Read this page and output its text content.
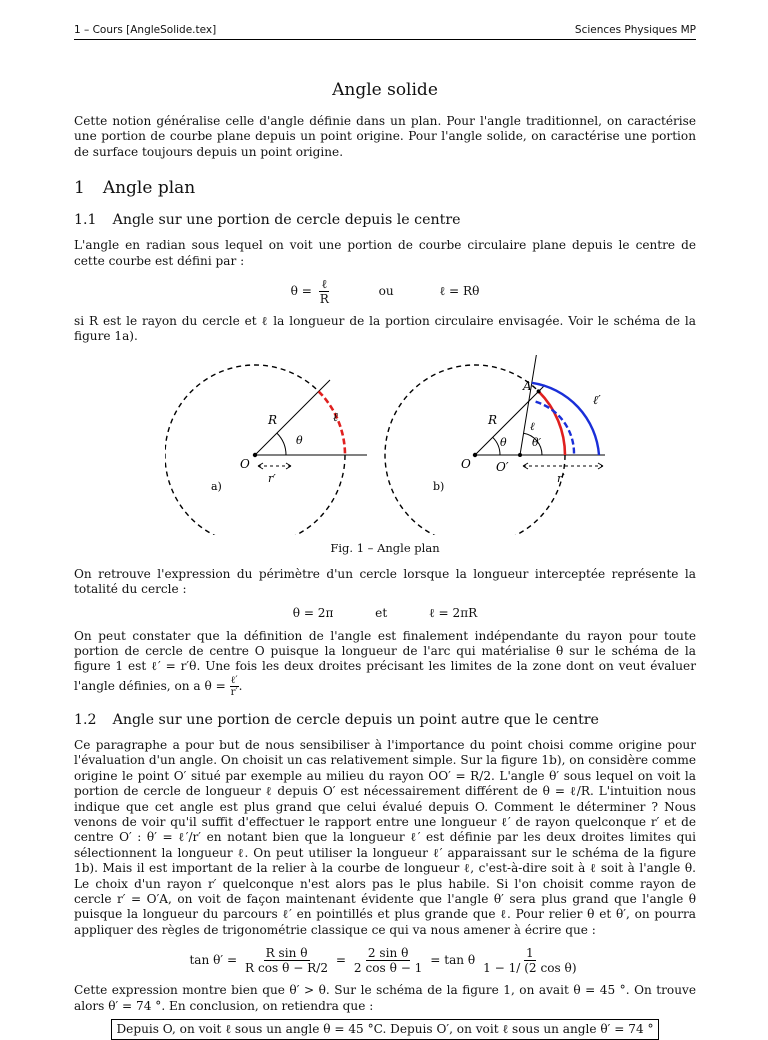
1 – Cours [AngleSolide.tex]	Sciences Physiques MP
Angle solide

Cette notion généralise celle d'angle définie dans un plan. Pour l'angle traditionnel, on caractérise une portion de courbe plane depuis un point origine. Pour l'angle solide, on caractérise une portion de surface toujours depuis un point origine.

1 Angle plan
1.1 Angle sur une portion de cercle depuis le centre

L'angle en radian sous lequel on voit une portion de courbe circulaire plane depuis le centre de cette courbe est défini par :

$\theta = \frac{\text{ℓ}}{R}$	ou	ℓ = Rθ

si R est le rayon du cercle et ℓ la longueur de la portion circulaire envisagée. Voir le schéma de la figure 1a).

R	ℓ
θ
O
r′
a)
A
R	ℓ
ℓ′
θ θ′
O O′
r′
b)
Fig. 1 – Angle plan

On retrouve l'expression du périmètre d'un cercle lorsque la longueur interceptée représente la totalité du cercle :

θ = 2π	et	ℓ = 2πR

On peut constater que la définition de l'angle est finalement indépendante du rayon pour toute portion de cercle de centre O puisque la longueur de l'arc qui matérialise θ sur le schéma de la figure 1 est ℓ′ = r′θ. Une fois les deux droites précisant les limites de la zone dont on veut évaluer l'angle définies, on a $\theta = \frac{\text{ℓ′}}{r'}$ .

1.2 Angle sur une portion de cercle depuis un point autre que le centre

Ce paragraphe a pour but de nous sensibiliser à l'importance du point choisi comme origine pour l'évaluation d'un angle. On choisit un cas relativement simple. Sur la figure 1b), on considère comme origine le point O′ situé par exemple au milieu du rayon OO′ = R/2. L'angle θ′ sous lequel on voit la portion de cercle de longueur ℓ depuis O′ est nécessairement différent de θ = ℓ/R. L'intuition nous indique que cet angle est plus grand que celui évalué depuis O. Comment le déterminer ? Nous venons de voir qu'il suffit d'effectuer le rapport entre une longueur ℓ′ de rayon quelconque r′ et de centre O′ : θ′ = ℓ′/r′ en notant bien que la longueur ℓ′ est définie par les deux droites limites qui sélectionnent la longueur ℓ. On peut utiliser la longueur ℓ′ apparaissant sur le schéma de la figure 1b). Mais il est important de la relier à la courbe de longueur ℓ, c'est-à-dire soit à ℓ soit à l'angle θ. Le choix d'un rayon r′ quelconque n'est alors pas le plus habile. Si l'on choisit comme rayon de cercle r′ = O′A, on voit de façon maintenant évidente que l'angle θ′ sera plus grand que l'angle θ puisque la longueur du parcours ℓ′ en pointillés et plus grande que ℓ. Pour relier θ et θ′, on pourra appliquer des règles de trigonométrie classique ce qui va nous amener à écrire que :

$\tan \theta' = \frac{\text{R sin θ}}{\text{R cos θ − R/2}} = \frac{\text{2 sin θ}}{\text{2 cos θ − 1}} = \tan \theta \frac{1}{\text{1 − 1/ (2 cos θ)}}$

Cette expression montre bien que θ′ > θ. Sur le schéma de la figure 1, on avait θ = 45 °. On trouve alors θ′ = 74 °. En conclusion, on retiendra que :

Depuis O, on voit ℓ sous un angle θ = 45 °C. Depuis O′, on voit ℓ sous un angle θ′ = 74 °
